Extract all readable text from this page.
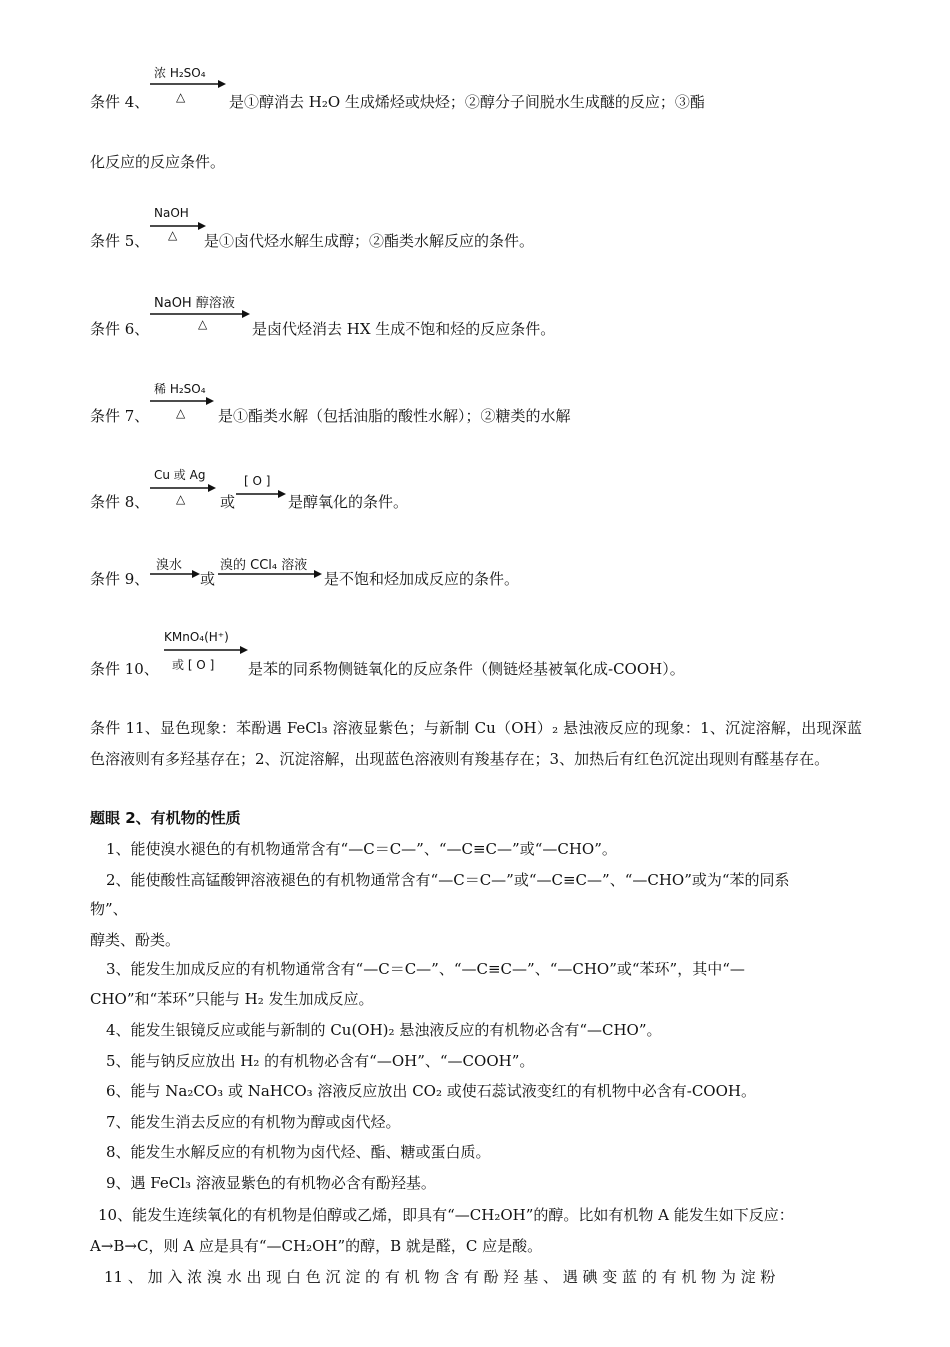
浓 H₂SO₄
△
条件 4、	是①醇消去 H₂O 生成烯烃或炔烃；②醇分子间脱水生成醚的反应；③酯
化反应的反应条件。
NaOH
△
条件 5、	是①卤代烃水解生成醇；②酯类水解反应的条件。
NaOH 醇溶液
△
条件 6、	是卤代烃消去 HX 生成不饱和烃的反应条件。
稀 H₂SO₄
△
条件 7、	是①酯类水解（包括油脂的酸性水解）；②糖类的水解
Cu 或 Ag
△
[ O ]
条件 8、	或	是醇氧化的条件。
溴水	溴的 CCl₄ 溶液
条件 9、	或	是不饱和烃加成反应的条件。
KMnO₄(H⁺)
或 [ O ]
条件 10、	是苯的同系物侧链氧化的反应条件（侧链烃基被氧化成-COOH）。
条件 11、显色现象：苯酚遇 FeCl₃ 溶液显紫色；与新制 Cu（OH）₂ 悬浊液反应的现象：1、沉淀溶解，出现深蓝色溶液则有多羟基存在；2、沉淀溶解，出现蓝色溶液则有羧基存在；3、加热后有红色沉淀出现则有醛基存在。
题眼 2、有机物的性质
1、能使溴水褪色的有机物通常含有“—C＝C—”、“—C≡C—”或“—CHO”。
2、能使酸性高锰酸钾溶液褪色的有机物通常含有“—C＝C—”或“—C≡C—”、“—CHO”或为“苯的同系
物”、
醇类、酚类。
3、能发生加成反应的有机物通常含有“—C＝C—”、“—C≡C—”、“—CHO”或“苯环”，其中“—
CHO”和“苯环”只能与 H₂ 发生加成反应。
4、能发生银镜反应或能与新制的 Cu(OH)₂ 悬浊液反应的有机物必含有“—CHO”。
5、能与钠反应放出 H₂ 的有机物必含有“—OH”、“—COOH”。
6、能与 Na₂CO₃ 或 NaHCO₃ 溶液反应放出 CO₂ 或使石蕊试液变红的有机物中必含有-COOH。
7、能发生消去反应的有机物为醇或卤代烃。
8、能发生水解反应的有机物为卤代烃、酯、糖或蛋白质。
9、遇 FeCl₃ 溶液显紫色的有机物必含有酚羟基。
10、能发生连续氧化的有机物是伯醇或乙烯，即具有“—CH₂OH”的醇。比如有机物 A 能发生如下反应：
A→B→C，则 A 应是具有“—CH₂OH”的醇，B 就是醛，C 应是酸。
11 、 加 入 浓 溴 水 出 现 白 色 沉 淀 的 有 机 物 含 有 酚 羟 基 、 遇 碘 变 蓝 的 有 机 物 为 淀 粉
